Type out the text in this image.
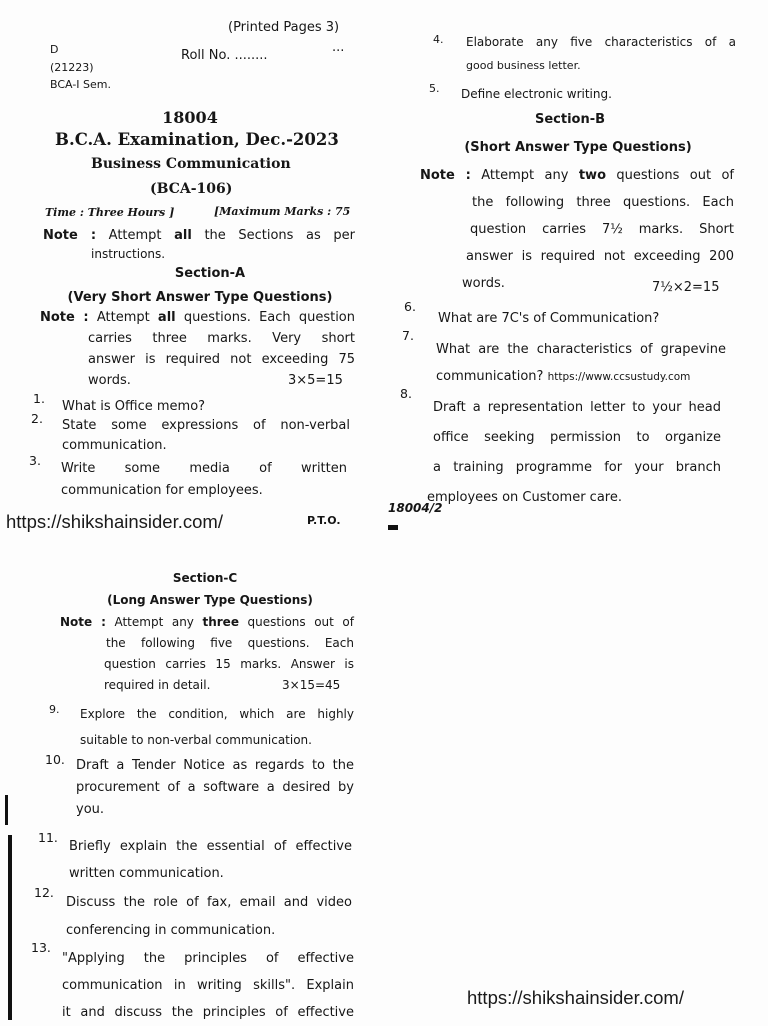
(Printed Pages 3)
D
(21223)
BCA-I Sem.
Roll No. ........
...
18004
B.C.A. Examination, Dec.-2023
Business Communication
(BCA-106)
Time : Three Hours ]	[Maximum Marks : 75
Note : Attempt all the Sections as per
instructions.
Section-A
(Very Short Answer Type Questions)
Note : Attempt all questions. Each question
carries three marks. Very short
answer is required not exceeding 75
words.	3×5=15
1.
What is Office memo?
2. State some expressions of non-verbal
communication.
3.
Write some media of written
communication for employees.
https://shikshainsider.com/	P.T.O.
4. Elaborate any five characteristics of a
good business letter.
5. Define electronic writing.
Section-B
(Short Answer Type Questions)
Note : Attempt any two questions out of
the following three questions. Each
question carries 7½ marks. Short
answer is required not exceeding 200
words.	7½×2=15
6.
What are 7C's of Communication?
7.
What are the characteristics of grapevine
communication? https://www.ccsustudy.com
8.
Draft a representation letter to your head
office seeking permission to organize
a training programme for your branch
employees on Customer care.
18004/2
Section-C
(Long Answer Type Questions)
Note : Attempt any three questions out of
the following five questions. Each
question carries 15 marks. Answer is
required in detail.	3×15=45
9. Explore the condition, which are highly
suitable to non-verbal communication.
10. Draft a Tender Notice as regards to the
procurement of a software a desired by
you.
11.
Briefly explain the essential of effective
written communication.
12.
Discuss the role of fax, email and video
conferencing in communication.
13.
"Applying the principles of effective
communication in writing skills". Explain
it and discuss the principles of effective
https://shikshainsider.com/
